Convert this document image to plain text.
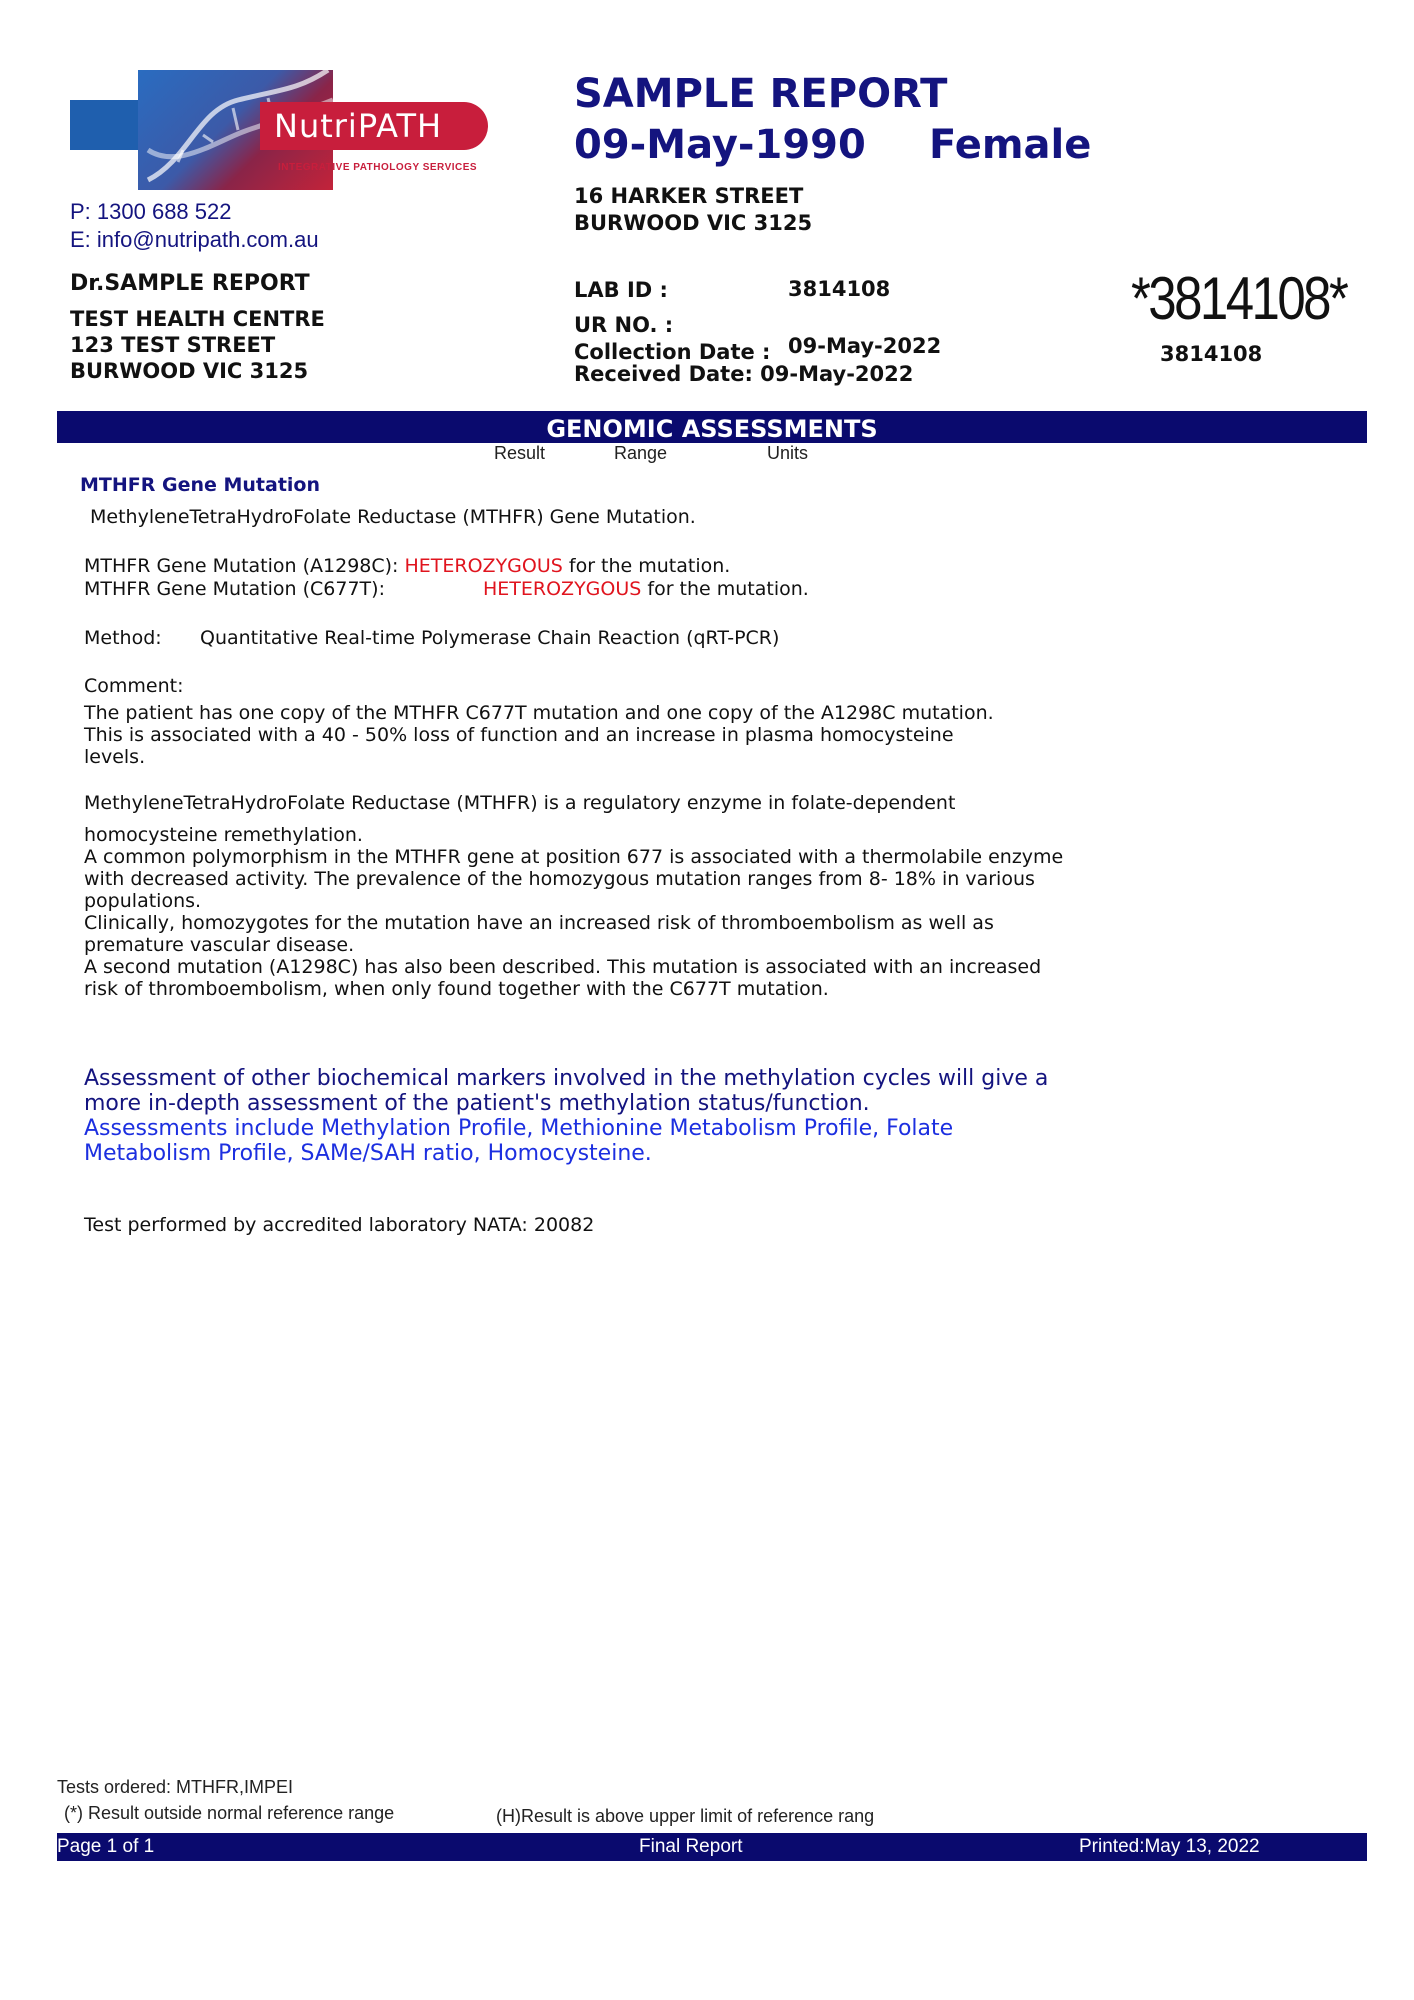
NutriPATH
INTEGRATIVE PATHOLOGY SERVICES
P: 1300 688 522
E: info@nutripath.com.au
Dr.SAMPLE REPORT
TEST HEALTH CENTRE
123 TEST STREET
BURWOOD VIC 3125
SAMPLE REPORT
09-May-1990 Female
16 HARKER STREET
BURWOOD VIC 3125
LAB ID :	3814108
UR NO. :
Collection Date : 09-May-2022
Received Date: 09-May-2022
*3814108*
3814108
GENOMIC ASSESSMENTS
Result	Range	Units
MTHFR Gene Mutation
MethyleneTetraHydroFolate Reductase (MTHFR) Gene Mutation.
MTHFR Gene Mutation (A1298C): HETEROZYGOUS for the mutation.
MTHFR Gene Mutation (C677T):	HETEROZYGOUS for the mutation.
Method: Quantitative Real-time Polymerase Chain Reaction (qRT-PCR)
Comment:
The patient has one copy of the MTHFR C677T mutation and one copy of the A1298C mutation.
This is associated with a 40 - 50% loss of function and an increase in plasma homocysteine
levels.
MethyleneTetraHydroFolate Reductase (MTHFR) is a regulatory enzyme in folate-dependent
homocysteine remethylation.
A common polymorphism in the MTHFR gene at position 677 is associated with a thermolabile enzyme
with decreased activity. The prevalence of the homozygous mutation ranges from 8- 18% in various
populations.
Clinically, homozygotes for the mutation have an increased risk of thromboembolism as well as
premature vascular disease.
A second mutation (A1298C) has also been described. This mutation is associated with an increased
risk of thromboembolism, when only found together with the C677T mutation.
Assessment of other biochemical markers involved in the methylation cycles will give a
more in-depth assessment of the patient's methylation status/function.
Assessments include Methylation Profile, Methionine Metabolism Profile, Folate
Metabolism Profile, SAMe/SAH ratio, Homocysteine.
Test performed by accredited laboratory NATA: 20082
Tests ordered: MTHFR,IMPEI
(*) Result outside normal reference range	(H)Result is above upper limit of reference rang
Page 1 of 1	Final Report	Printed:May 13, 2022
